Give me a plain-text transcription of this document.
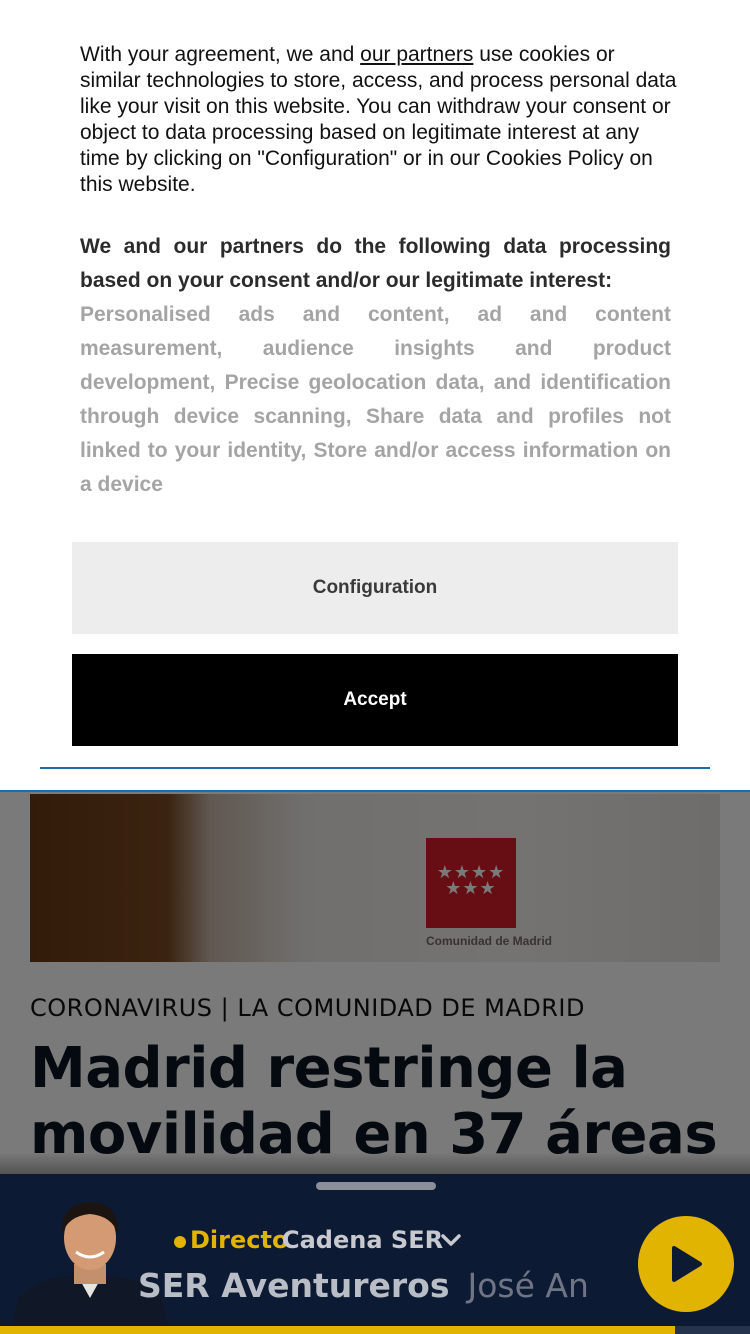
With your agreement, we and our partners use cookies or similar technologies to store, access, and process personal data like your visit on this website. You can withdraw your consent or object to data processing based on legitimate interest at any time by clicking on "Configuration" or in our Cookies Policy on this website.

We and our partners do the following data processing based on your consent and/or our legitimate interest:

Personalised ads and content, ad and content measurement, audience insights and product development, Precise geolocation data, and identification through device scanning, Share data and profiles not linked to your identity, Store and/or access information on a device

Configuration
Accept
Directo
Cadena SER
SER Aventureros José An
